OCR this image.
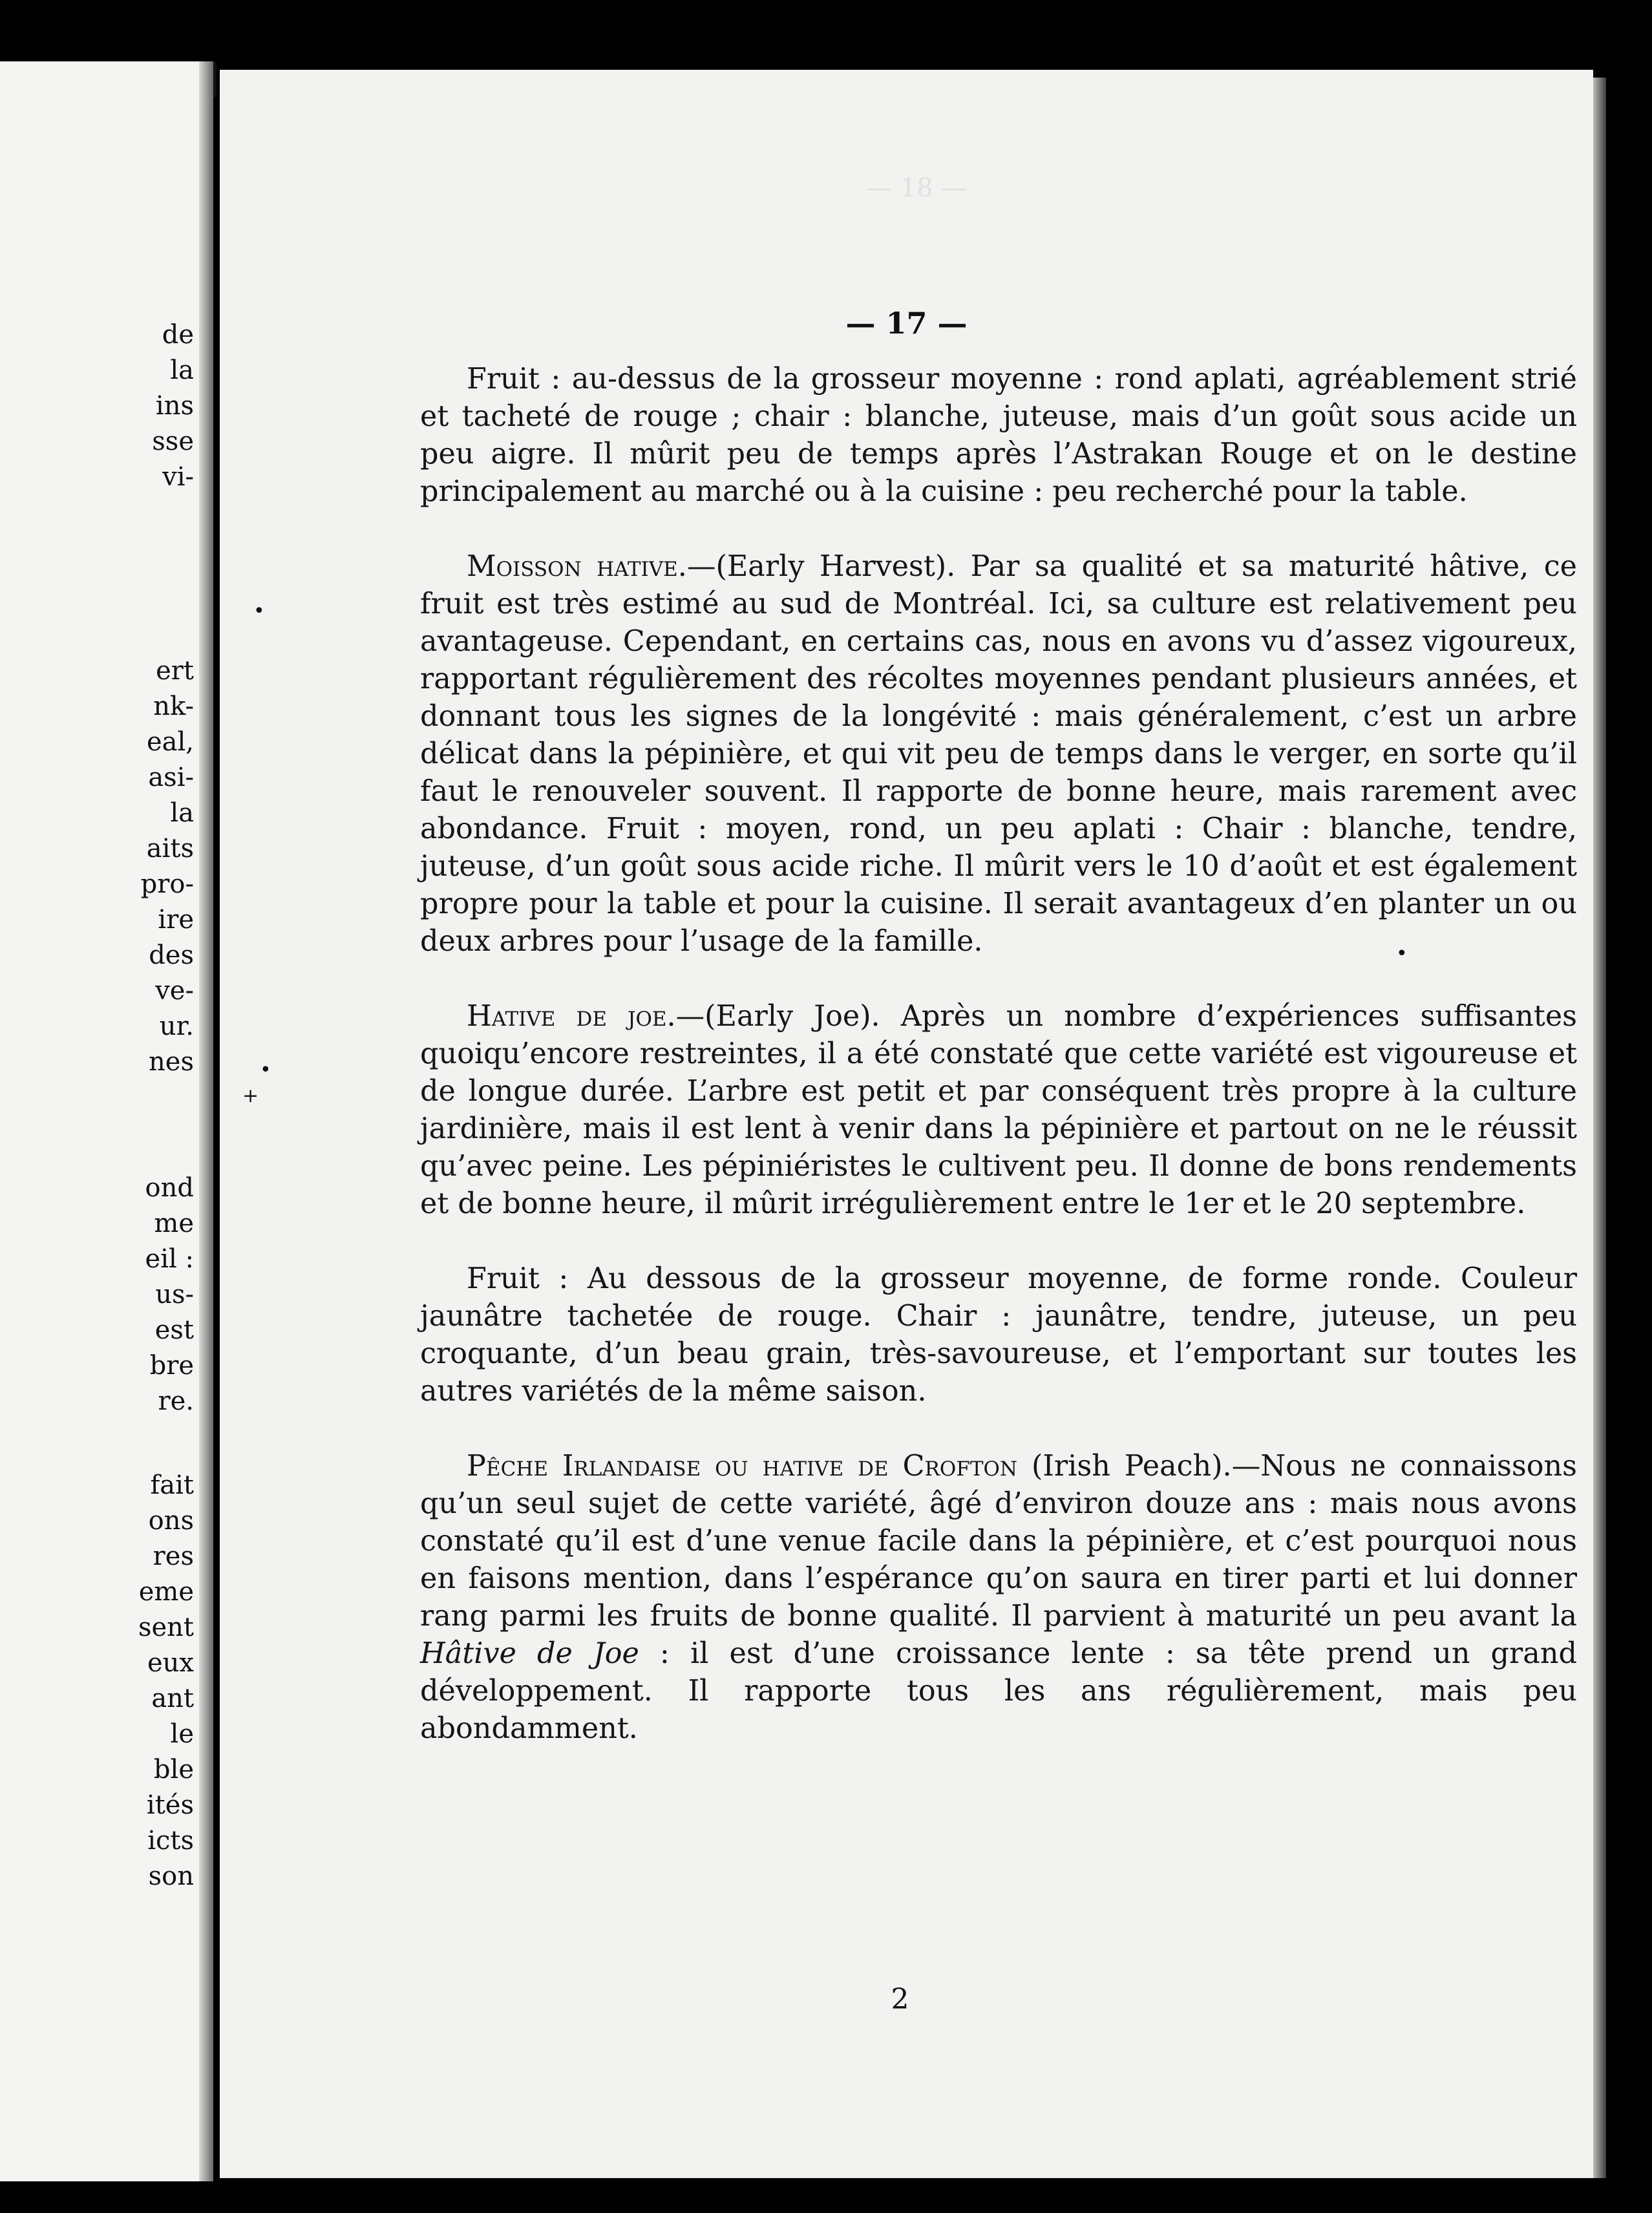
de
la
ins
sse
vi-
ert
nk-
eal,
asi-
la
aits
pro-
ire
des
ve-
ur.
nes
ond
me
eil :
us-
est
bre
re.
fait
ons
res
eme
sent
eux
ant
le
ble
ités
icts
son
— 18 —
— 17 —

Fruit : au-dessus de la grosseur moyenne : rond aplati, agréablement strié et tacheté de rouge ; chair : blanche, juteuse, mais d’un goût sous acide un peu aigre. Il mûrit peu de temps après l’Astrakan Rouge et on le destine principalement au marché ou à la cuisine : peu recherché pour la table.

Moisson hative.—(Early Harvest). Par sa qualité et sa maturité hâtive, ce fruit est très estimé au sud de Montréal. Ici, sa culture est relativement peu avantageuse. Cependant, en certains cas, nous en avons vu d’assez vigoureux, rapportant régulièrement des récoltes moyennes pendant plusieurs années, et donnant tous les signes de la longévité : mais généralement, c’est un arbre délicat dans la pépinière, et qui vit peu de temps dans le verger, en sorte qu’il faut le renouveler souvent. Il rapporte de bonne heure, mais rarement avec abondance. Fruit : moyen, rond, un peu aplati : Chair : blanche, tendre, juteuse, d’un goût sous acide riche. Il mûrit vers le 10 d’août et est également propre pour la table et pour la cuisine. Il serait avantageux d’en planter un ou deux arbres pour l’usage de la famille.

Hative de joe.—(Early Joe). Après un nombre d’expériences suffisantes quoiqu’encore restreintes, il a été constaté que cette variété est vigoureuse et de longue durée. L’arbre est petit et par conséquent très propre à la culture jardinière, mais il est lent à venir dans la pépinière et partout on ne le réussit qu’avec peine. Les pépiniéristes le cultivent peu. Il donne de bons rendements et de bonne heure, il mûrit irrégulièrement entre le 1er et le 20 septembre.

Fruit : Au dessous de la grosseur moyenne, de forme ronde. Couleur jaunâtre tachetée de rouge. Chair : jaunâtre, tendre, juteuse, un peu croquante, d’un beau grain, très-savoureuse, et l’emportant sur toutes les autres variétés de la même saison.

Pêche Irlandaise ou hative de Crofton (Irish Peach).—Nous ne connaissons qu’un seul sujet de cette variété, âgé d’environ douze ans : mais nous avons constaté qu’il est d’une venue facile dans la pépinière, et c’est pourquoi nous en faisons mention, dans l’espérance qu’on saura en tirer parti et lui donner rang parmi les fruits de bonne qualité. Il parvient à maturité un peu avant la Hâtive de Joe : il est d’une croissance lente : sa tête prend un grand développement. Il rapporte tous les ans régulièrement, mais peu abondamment.

2
•
•
+
•
